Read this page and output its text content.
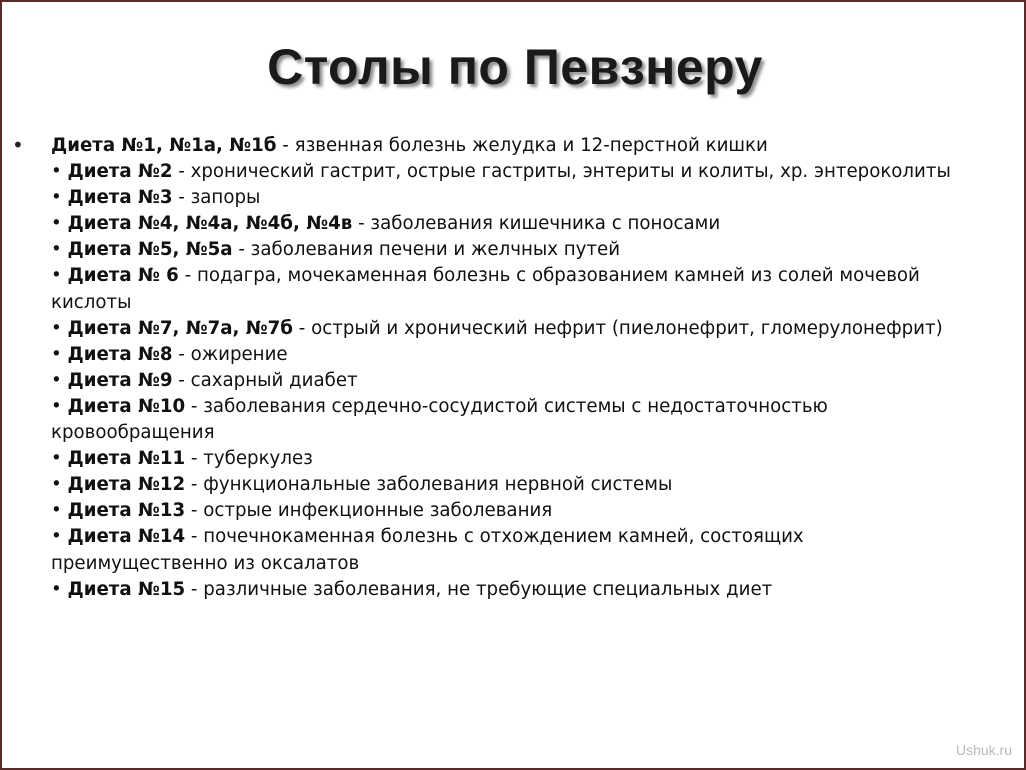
Столы по Певзнеру
• Диета №1, №1а, №1б - язвенная болезнь желудка и 12-перстной кишки
• Диета №2 - хронический гастрит, острые гастриты, энтериты и колиты, хр. энтероколиты
• Диета №3 - запоры
• Диета №4, №4а, №4б, №4в - заболевания кишечника с поносами
• Диета №5, №5а - заболевания печени и желчных путей
• Диета № 6 - подагра, мочекаменная болезнь с образованием камней из солей мочевой
кислоты
• Диета №7, №7а, №7б - острый и хронический нефрит (пиелонефрит, гломерулонефрит)
• Диета №8 - ожирение
• Диета №9 - сахарный диабет
• Диета №10 - заболевания сердечно-сосудистой системы с недостаточностью
кровообращения
• Диета №11 - туберкулез
• Диета №12 - функциональные заболевания нервной системы
• Диета №13 - острые инфекционные заболевания
• Диета №14 - почечнокаменная болезнь с отхождением камней, состоящих
преимущественно из оксалатов
• Диета №15 - различные заболевания, не требующие специальных диет
Ushuk.ru
